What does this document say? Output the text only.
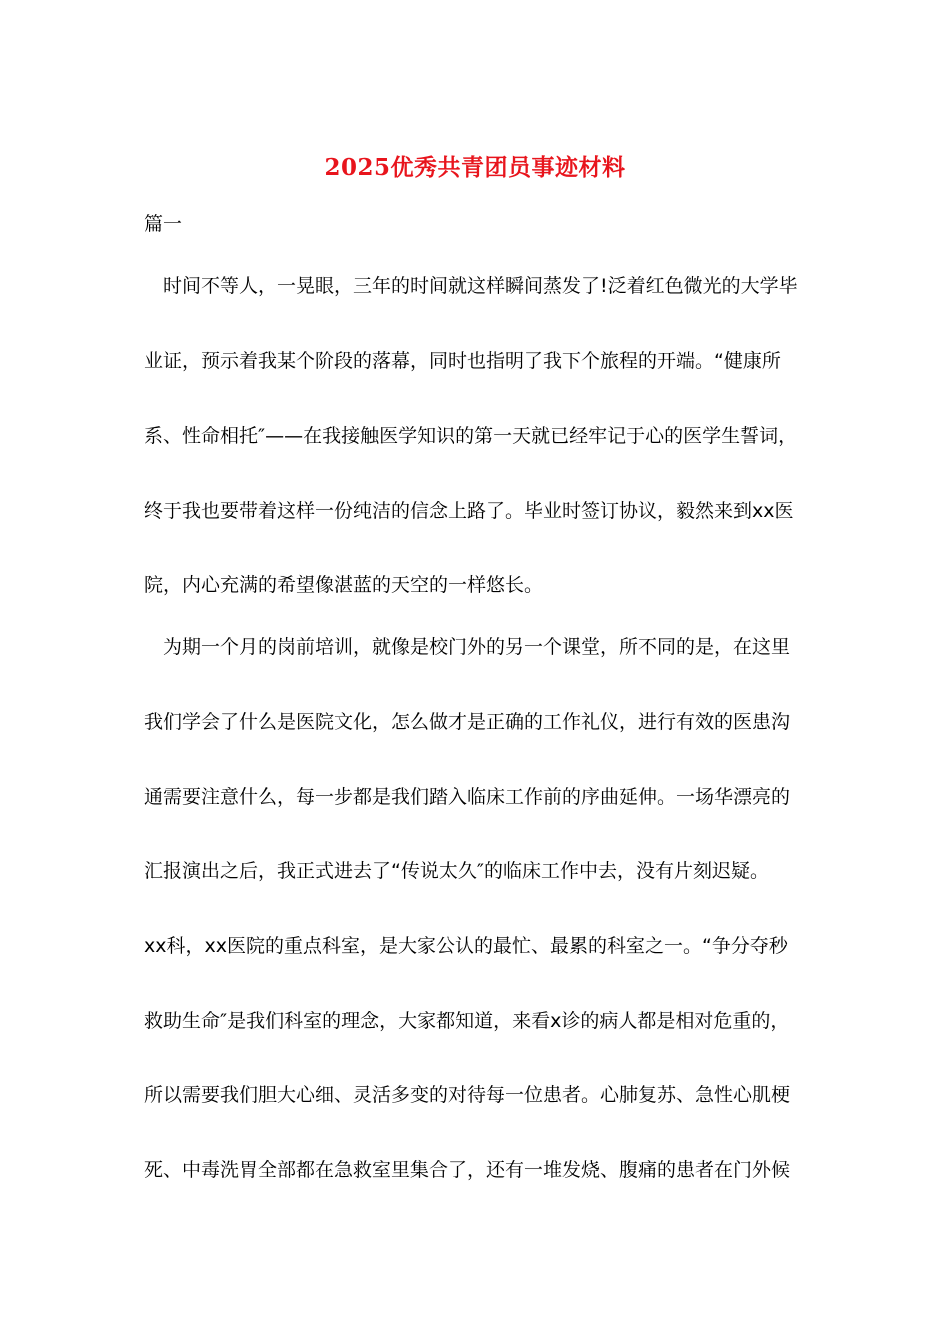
2025优秀共青团员事迹材料
篇一
时间不等人，一晃眼，三年的时间就这样瞬间蒸发了!泛着红色微光的大学毕
业证，预示着我某个阶段的落幕，同时也指明了我下个旅程的开端。“健康所
系、性命相托″——在我接触医学知识的第一天就已经牢记于心的医学生誓词，
终于我也要带着这样一份纯洁的信念上路了。毕业时签订协议，毅然来到xx医
院，内心充满的希望像湛蓝的天空的一样悠长。
为期一个月的岗前培训，就像是校门外的另一个课堂，所不同的是，在这里
我们学会了什么是医院文化，怎么做才是正确的工作礼仪，进行有效的医患沟
通需要注意什么，每一步都是我们踏入临床工作前的序曲延伸。一场华漂亮的
汇报演出之后，我正式进去了“传说太久″的临床工作中去，没有片刻迟疑。
xx科，xx医院的重点科室，是大家公认的最忙、最累的科室之一。“争分夺秒
救助生命″是我们科室的理念，大家都知道，来看x诊的病人都是相对危重的，
所以需要我们胆大心细、灵活多变的对待每一位患者。心肺复苏、急性心肌梗
死、中毒洗胃全部都在急救室里集合了，还有一堆发烧、腹痛的患者在门外候
